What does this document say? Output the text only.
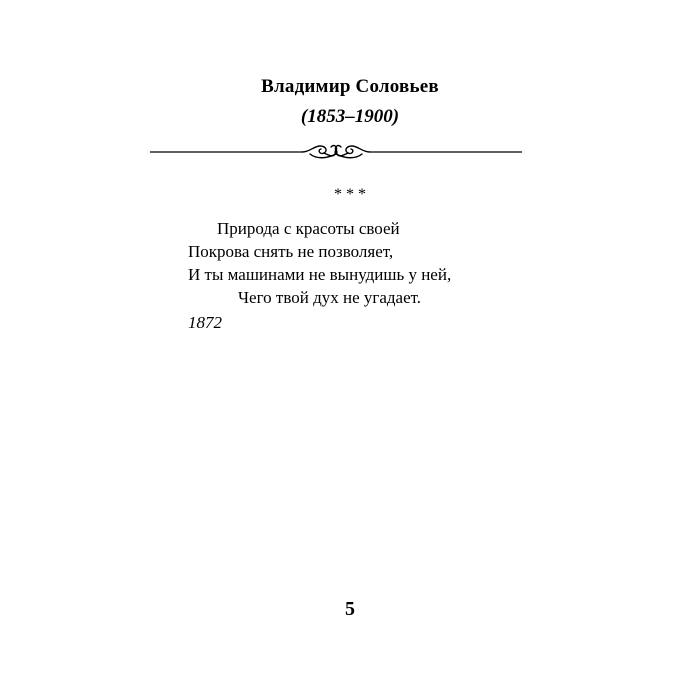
Владимир Соловьев
(1853–1900)
* * *
Природа с красоты своей
Покрова снять не позволяет,
И ты машинами не вынудишь у ней,
Чего твой дух не угадает.
1872
5
